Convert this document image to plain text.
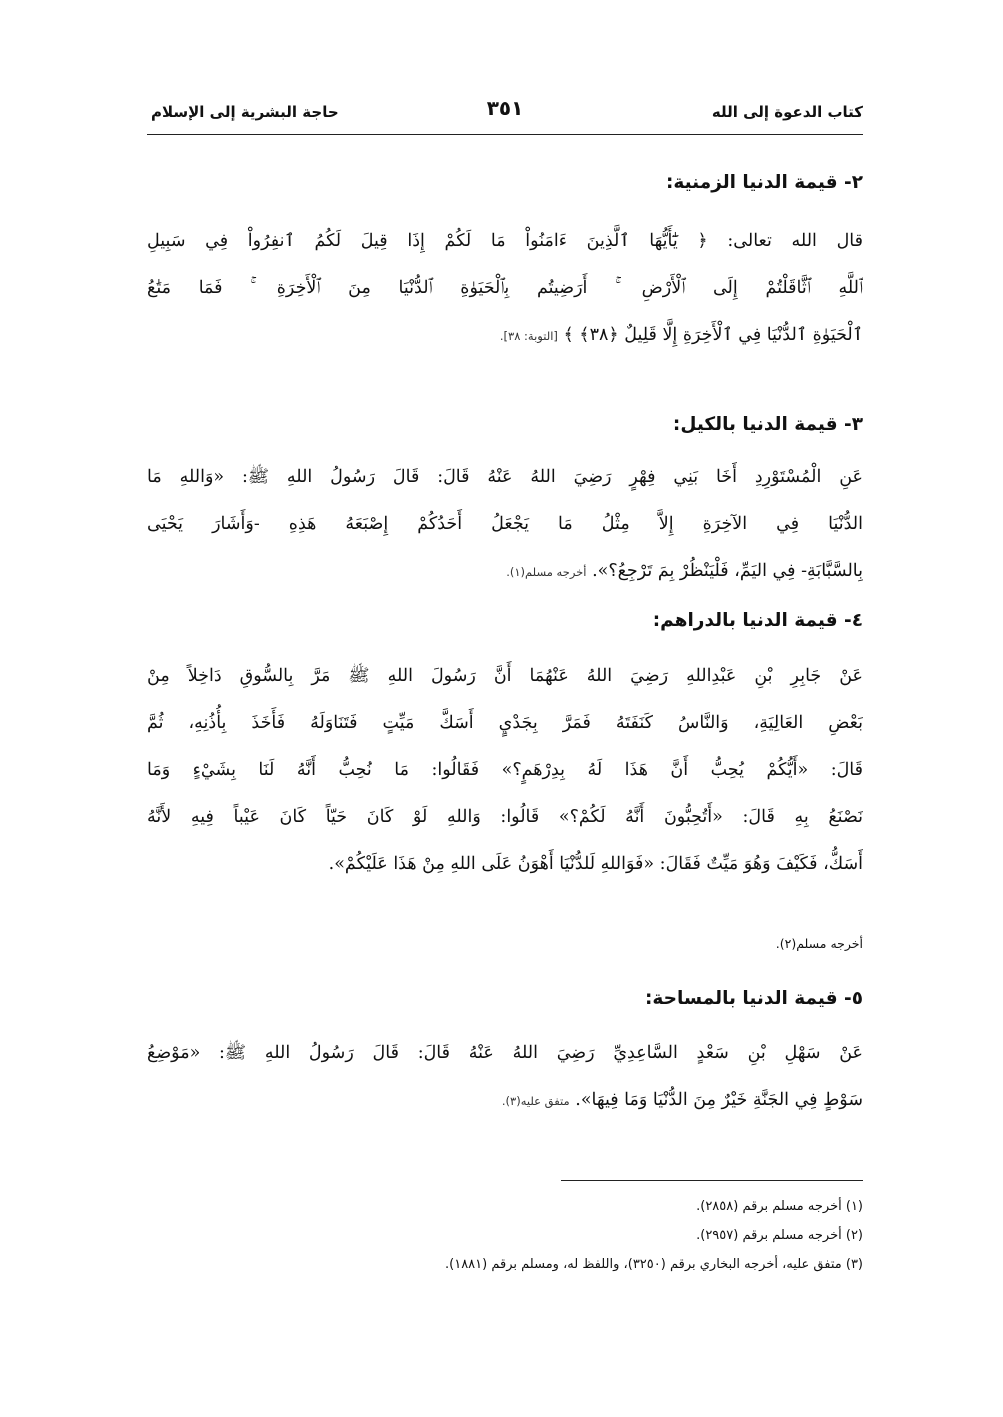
كتاب الدعوة إلى الله
٣٥١
حاجة البشرية إلى الإسلام
٢- قيمة الدنيا الزمنية:
قال الله تعالى: ﴿ يَٰٓأَيُّهَا ٱلَّذِينَ ءَامَنُواْ مَا لَكُمْ إِذَا قِيلَ لَكُمُ ٱنفِرُواْ فِي سَبِيلِ
ٱللَّهِ ٱثَّاقَلْتُمْ إِلَى ٱلْأَرْضِ ۚ أَرَضِيتُم بِٱلْحَيَوٰةِ ٱلدُّنْيَا مِنَ ٱلْأَخِرَةِ ۚ فَمَا مَتَٰعُ
ٱلْحَيَوٰةِ ٱلدُّنْيَا فِي ٱلْأَخِرَةِ إِلَّا قَلِيلٌ ﴿٣٨﴾ ﴾ [التوبة: ٣٨].
٣- قيمة الدنيا بالكيل:
عَنِ الْمُسْتَوْرِدِ أَخَا بَنِي فِهْرٍ رَضِيَ اللهُ عَنْهُ قَالَ: قَالَ رَسُولُ اللهِ ﷺ: «وَاللهِ مَا
الدُّنْيَا فِي الآخِرَةِ إِلاَّ مِثْلُ مَا يَجْعَلُ أَحَدُكُمْ إِصْبَعَهُ هَذِهِ -وَأَشَارَ يَحْيَى
بِالسَّبَّابَةِ- فِي اليَمِّ، فَلْيَنْظُرْ بِمَ تَرْجِعُ؟». أخرجه مسلم(١).
٤- قيمة الدنيا بالدراهم:
عَنْ جَابِرِ بْنِ عَبْدِاللهِ رَضِيَ اللهُ عَنْهُمَا أَنَّ رَسُولَ اللهِ ﷺ مَرَّ بِالسُّوقِ دَاخِلاً مِنْ
بَعْضِ العَالِيَةِ، وَالنَّاسُ كَنَفَتَهُ فَمَرَّ بِجَدْيٍ أَسَكَّ مَيِّتٍ فَتَنَاوَلَهُ فَأَخَذَ بِأُذُنِهِ، ثُمَّ
قَالَ: «أَيُّكُمْ يُحِبُّ أَنَّ هَذَا لَهُ بِدِرْهَمٍ؟» فَقَالُوا: مَا نُحِبُّ أَنَّهُ لَنَا بِشَيْءٍ وَمَا
نَصْنَعُ بِهِ قَالَ: «أَتُحِبُّونَ أَنَّهُ لَكُمْ؟» قَالُوا: وَاللهِ لَوْ كَانَ حَيّاً كَانَ عَيْباً فِيهِ لأَنَّهُ
أَسَكُّ، فَكَيْفَ وَهُوَ مَيِّتٌ فَقَالَ: «فَوَاللهِ لَلدُّنْيَا أَهْوَنُ عَلَى اللهِ مِنْ هَذَا عَلَيْكُمْ».

أخرجه مسلم(٢).

٥- قيمة الدنيا بالمساحة:
عَنْ سَهْلِ بْنِ سَعْدٍ السَّاعِدِيِّ رَضِيَ اللهُ عَنْهُ قَالَ: قَالَ رَسُولُ اللهِ ﷺ: «مَوْضِعُ
سَوْطٍ فِي الجَنَّةِ خَيْرٌ مِنَ الدُّنْيَا وَمَا فِيهَا». متفق عليه(٣).

(١) أخرجه مسلم برقم (٢٨٥٨).

(٢) أخرجه مسلم برقم (٢٩٥٧).

(٣) متفق عليه، أخرجه البخاري برقم (٣٢٥٠)، واللفظ له، ومسلم برقم (١٨٨١).
